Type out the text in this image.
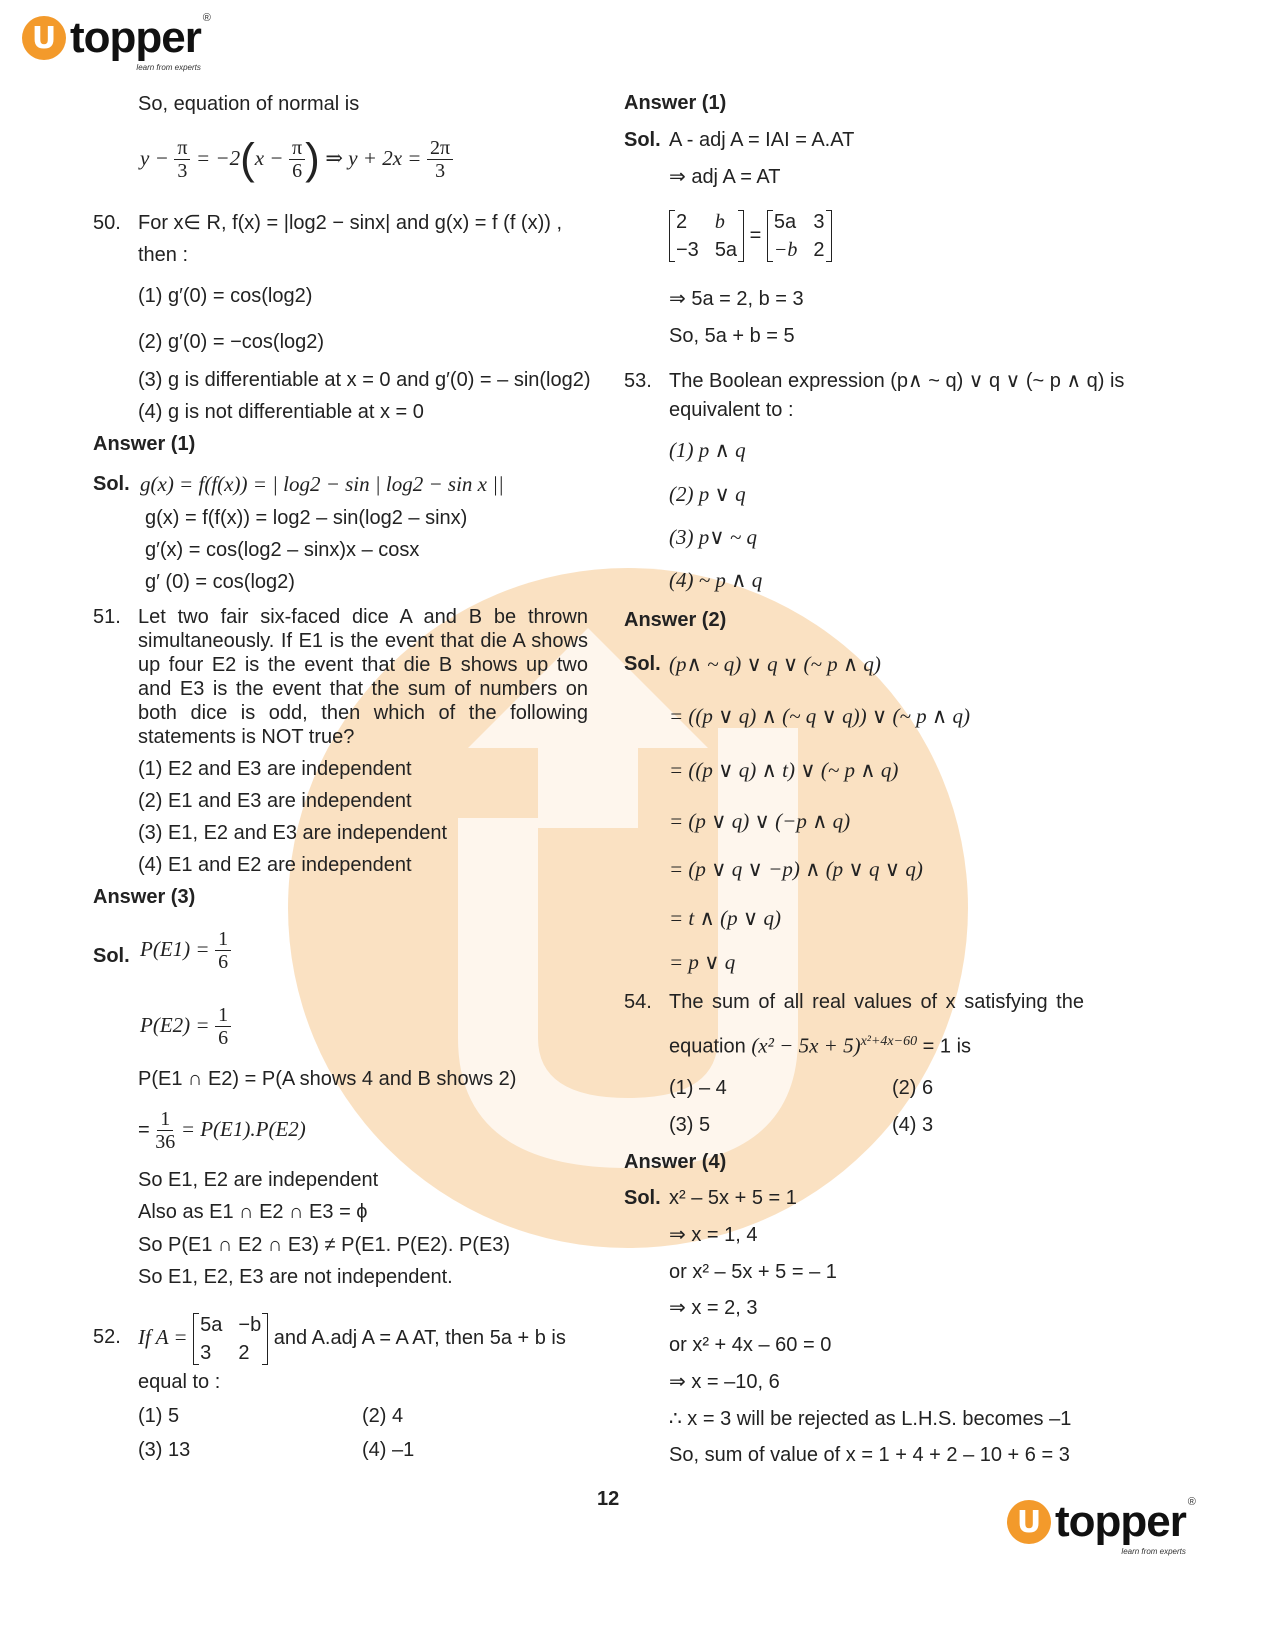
U topper ®
learn from experts
So, equation of normal is
$y - \frac{\pi}{3} = -2(x - \frac{\pi}{6}$ ) ⇒ $y + 2x = \frac{2\pi}{3}$
50. For x∈ R, f(x) = |log2 − sinx| and g(x) = f (f (x)) ,
then :
(1) g′(0) = cos(log2)
(2) g′(0) = −cos(log2)
(3) g is differentiable at x = 0 and g′(0) = – sin(log2)
(4) g is not differentiable at x = 0
Answer (1)
Sol. g(x) = f(f(x)) = | log2 − sin | log2 − sin x ||
g(x) = f(f(x)) = log2 – sin(log2 – sinx)
g′(x) = cos(log2 – sinx)x – cosx
g′ (0) = cos(log2)
51. Let two fair six-faced dice A and B be thrown simultaneously. If E1 is the event that die A shows up four E2 is the event that die B shows up two and E3 is the event that the sum of numbers on both dice is odd, then which of the following statements is NOT true?
(1) E2 and E3 are independent
(2) E1 and E3 are independent
(3) E1, E2 and E3 are independent
(4) E1 and E2 are independent
Answer (3)
Sol. $P(E1) = \frac{1}{6}$
$P(E2) = \frac{1}{6}$
P(E1 ∩ E2) = P(A shows 4 and B shows 2)
= $\frac{1}{36} = P(E1).P(E2)$
So E1, E2 are independent
Also as E1 ∩ E2 ∩ E3 = ϕ
So P(E1 ∩ E2 ∩ E3) ≠ P(E1. P(E2). P(E3)
So E1, E2, E3 are not independent.
52. If A =
5a −b
3	2
and A.adj A = A AT, then 5a + b is
equal to :
(1) 5	(2) 4
(3) 13	(4) –1
Answer (1)
Sol. A - adj A = IAI = A.AT
⇒ adj A = AT
2	b
−3 5a
=
5a 3
−b 2
⇒ 5a = 2, b = 3
So, 5a + b = 5
53. The Boolean expression (p∧ ~ q) ∨ q ∨ (~ p ∧ q) is
equivalent to :
(1) p ∧ q
(2) p ∨ q
(3) p∨ ~ q
(4) ~ p ∧ q
Answer (2)
Sol. (p∧ ~ q) ∨ q ∨ (~ p ∧ q)
= ((p ∨ q) ∧ (~ q ∨ q)) ∨ (~ p ∧ q)
= ((p ∨ q) ∧ t) ∨ (~ p ∧ q)
= (p ∨ q) ∨ (−p ∧ q)
= (p ∨ q ∨ −p) ∧ (p ∨ q ∨ q)
= t ∧ (p ∨ q)
= p ∨ q
54. The sum of all real values of x satisfying the
equation $(x^2 - 5x + 5)^{x^2+4x-60} = 1$ is
(1) – 4	(2) 6
(3) 5	(4) 3
Answer (4)
Sol. x² – 5x + 5 = 1
⇒ x = 1, 4
or x² – 5x + 5 = – 1
⇒ x = 2, 3
or x² + 4x – 60 = 0
⇒ x = –10, 6
∴ x = 3 will be rejected as L.H.S. becomes –1
So, sum of value of x = 1 + 4 + 2 – 10 + 6 = 3
12
U topper ®
learn from experts
